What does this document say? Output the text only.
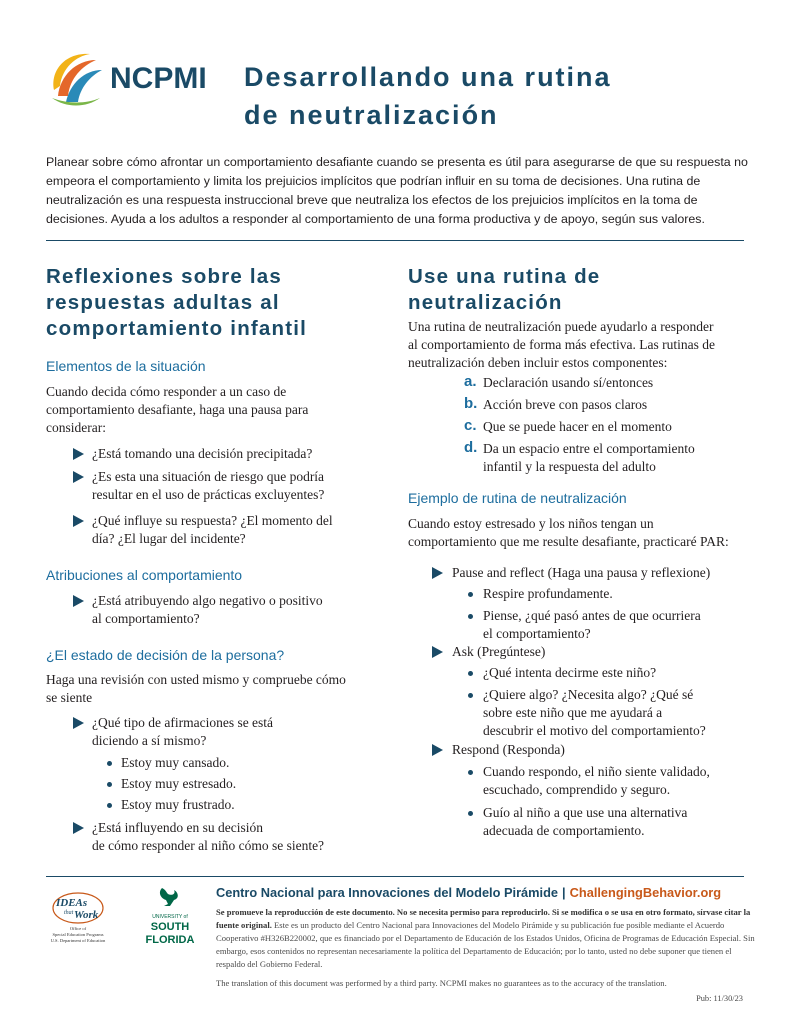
NCPMI Desarrollando una rutina
de neutralización
Planear sobre cómo afrontar un comportamiento desafiante cuando se presenta es útil para asegurarse de que su respuesta no empeora el comportamiento y limita los prejuicios implícitos que podrían influir en su toma de decisiones. Una rutina de neutralización es una respuesta instruccional breve que neutraliza los efectos de los prejuicios implícitos en la toma de decisiones. Ayuda a los adultos a responder al comportamiento de una forma productiva y de apoyo, según sus valores.
Reflexiones sobre las
respuestas adultas al
comportamiento infantil
Elementos de la situación
Cuando decida cómo responder a un caso de
comportamiento desafiante, haga una pausa para
considerar:
¿Está tomando una decisión precipitada?
¿Es esta una situación de riesgo que podría
resultar en el uso de prácticas excluyentes?
¿Qué influye su respuesta? ¿El momento del
día? ¿El lugar del incidente?
Atribuciones al comportamiento
¿Está atribuyendo algo negativo o positivo
al comportamiento?
¿El estado de decisión de la persona?
Haga una revisión con usted mismo y compruebe cómo
se siente
¿Qué tipo de afirmaciones se está
diciendo a sí mismo?
Estoy muy cansado.
Estoy muy estresado.
Estoy muy frustrado.
¿Está influyendo en su decisión
de cómo responder al niño cómo se siente?
Use una rutina de
neutralización
Una rutina de neutralización puede ayudarlo a responder
al comportamiento de forma más efectiva. Las rutinas de
neutralización deben incluir estos componentes:
a. Declaración usando sí/entonces
b. Acción breve con pasos claros
c. Que se puede hacer en el momento
d. Da un espacio entre el comportamiento
infantil y la respuesta del adulto
Ejemplo de rutina de neutralización
Cuando estoy estresado y los niños tengan un
comportamiento que me resulte desafiante, practicaré PAR:
Pause and reflect (Haga una pausa y reflexione)
Respire profundamente.
Piense, ¿qué pasó antes de que ocurriera
el comportamiento?
Ask (Pregúntese)
¿Qué intenta decirme este niño?
¿Quiere algo? ¿Necesita algo? ¿Qué sé
sobre este niño que me ayudará a
descubrir el motivo del comportamiento?
Respond (Responda)
Cuando respondo, el niño siente validado,
escuchado, comprendido y seguro.
Guío al niño a que use una alternativa
adecuada de comportamiento.
IDEAs
that Work
Office of
Special Education Programs
U.S. Department of Education
UNIVERSITY of
SOUTH
FLORIDA
Centro Nacional para Innovaciones del Modelo Pirámide | ChallengingBehavior.org
Se promueve la reproducción de este documento. No se necesita permiso para reproducirlo. Si se modifica o se usa en otro formato, sírvase citar la fuente original. Este es un producto del Centro Nacional para Innovaciones del Modelo Pirámide y su publicación fue posible mediante el Acuerdo Cooperativo #H326B220002, que es financiado por el Departamento de Educación de los Estados Unidos, Oficina de Programas de Educación Especial. Sin embargo, esos contenidos no representan necesariamente la política del Departamento de Educación; por lo tanto, usted no debe suponer que tienen el respaldo del Gobierno Federal.
The translation of this document was performed by a third party. NCPMI makes no guarantees as to the accuracy of the translation.
Pub: 11/30/23
